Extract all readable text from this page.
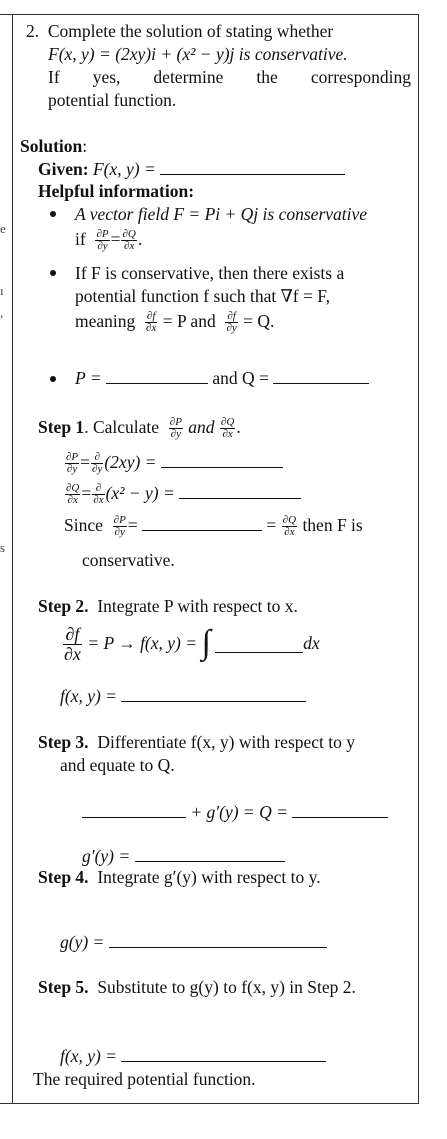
e
ı
,
s
2. Complete the solution of stating whether
F(x, y) = (2xy)i + (x² − y)j is conservative.
If yes, determine the corresponding
potential function.
Solution:
Given: F(x, y) =
Helpful information:
A vector field F = Pi + Qj is conservative
if $\frac{\partial P}{\partial y} = \frac{\partial Q}{\partial x}$ .
If F is conservative, then there exists a
potential function f such that ∇f = F,
meaning $\frac{\partial f}{\partial x} = P$ and $\frac{\partial f}{\partial y} = Q$.
P =	and Q =
Step 1. Calculate $\frac{\partial P}{\partial y}$ and $\frac{\partial Q}{\partial x}$ .
$\frac{\partial P}{\partial y} = \frac{\partial}{\partial y} (2xy)$ =
$\frac{\partial Q}{\partial x} = \frac{\partial}{\partial x} (x^2 - y)$ =
Since $\frac{\partial P}{\partial y}$ =	= $\frac{\partial Q}{\partial x}$ then F is
conservative.
Step 2. Integrate P with respect to x.
$\frac{\partial f}{\partial x} = P \to f(x$, y) = ∫	dx
f(x, y) =
Step 3. Differentiate f(x, y) with respect to y
and equate to Q.
+ g′(y) = Q =
g′(y) =
Step 4. Integrate g′(y) with respect to y.
g(y) =
Step 5. Substitute to g(y) to f(x, y) in Step 2.
f(x, y) =
The required potential function.
